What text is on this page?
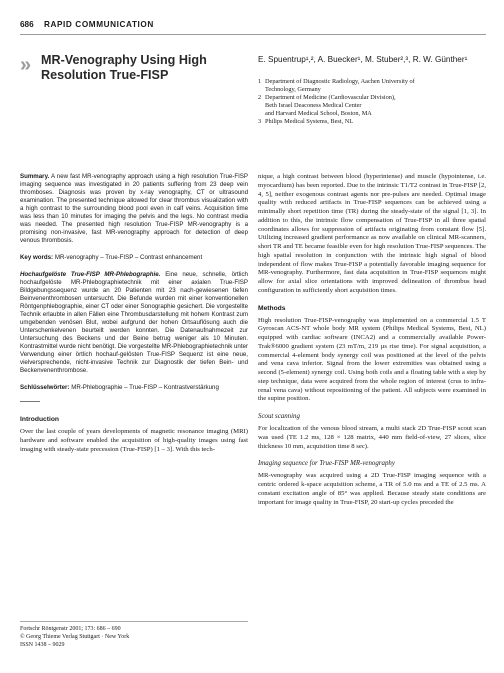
686 RAPID COMMUNICATION
» MR-Venography Using High Resolution True-FISP
E. Spuentrup¹,², A. Buecker¹, M. Stuber²,³, R. W. Günther¹
1 Department of Diagnostic Radiology, Aachen University of
Technology, Germany
2 Department of Medicine (Cardiovascular Division),
Beth Israel Deaconess Medical Center
and Harvard Medical School, Boston, MA
3 Philips Medical Systems, Best, NL

Summary. A new fast MR-venography approach using a high resolution True-FISP imaging sequence was investigated in 20 patients suffering from 23 deep vein thromboses. Diagnosis was proven by x-ray venography, CT or ultrasound examination. The presented technique allowed for clear thrombus visualization with a high contrast to the surrounding blood pool even in calf veins. Acquisition time was less than 10 minutes for imaging the pelvis and the legs. No contrast media was needed. The presented high resolution True-FISP MR-venography is a promising non-invasive, fast MR-venography approach for detection of deep venous thrombosis.

Key words: MR-venography – True-FISP – Contrast enhancement

Hochaufgelöste True-FISP MR-Phlebographie. Eine neue, schnelle, örtlich hochaufgelöste MR-Phlebographietechnik mit einer axialen True-FISP Bildgebungssequenz wurde an 20 Patienten mit 23 nach-gewiesenen tiefen Beinvenenthrombosen untersucht. Die Befunde wurden mit einer konventionellen Röntgenphlebographie, einer CT oder einer Sonographie gesichert. Die vorgestellte Technik erlaubte in allen Fällen eine Thrombusdarstellung mit hohem Kontrast zum umgebenden venösen Blut, wobei aufgrund der hohen Ortsauflösung auch die Unterschenkelvenen beurteilt werden konnten. Die Datenaufnahmezeit zur Untersuchung des Beckens und der Beine betrug weniger als 10 Minuten. Kontrastmittel wurde nicht benötigt. Die vorgestellte MR-Phlebographietechnik unter Verwendung einer örtlich hochauf-gelösten True-FISP Sequenz ist eine neue, vielversprechende, nicht-invasive Technik zur Diagnostik der tiefen Bein- und Beckenvenenthrombose.

Schlüsselwörter: MR-Phlebographie – True-FISP – Kontrastverstärkung

Introduction

Over the last couple of years developments of magnetic resonance imaging (MRI) hardware and software enabled the acquisition of high-quality images using fast imaging with steady-state precession (True-FISP) [1 – 3]. With this tech-

Fortschr Röntgenstr 2001; 173: 686 – 690
© Georg Thieme Verlag Stuttgart · New York
ISSN 1438 – 9029

nique, a high contrast between blood (hyperintense) and muscle (hypointense, i.e. myocardium) has been reported. Due to the intrinsic T1/T2 contrast in True-FISP [2, 4, 5], neither exogenous contrast agents nor pre-pulses are needed. Optimal image quality with reduced artifacts in True-FISP sequences can be achieved using a minimally short repetition time (TR) during the steady-state of the signal [1, 3]. In addition to this, the intrinsic flow compensation of True-FISP in all three spatial coordinates allows for suppression of artifacts originating from constant flow [5]. Utilizing increased gradient performance as now available on clinical MR-scanners, short TR and TE became feasible even for high resolution True-FISP sequences. The high spatial resolution in conjunction with the intrinsic high signal of blood independent of flow makes True-FISP a potentially favorable imaging sequence for MR-venography. Furthermore, fast data acquisition in True-FISP sequences might allow for axial slice orientations with improved delineation of thrombus head configuration in sufficiently short acquisition times.

Methods

High resolution True-FISP-venography was implemented on a commercial 1.5 T Gyroscan ACS-NT whole body MR system (Philips Medical Systems, Best, NL) equipped with cardiac software (INCA2) and a commercially available Power-Trak®6000 gradient system (23 mT/m, 219 µs rise time). For signal acquisition, a commercial 4-element body synergy coil was positioned at the level of the pelvis and vena cava inferior. Signal from the lower extremities was obtained using a second (5-element) synergy coil. Using both coils and a floating table with a step by step technique, data were acquired from the whole region of interest (crus to infra-renal vena cava) without repositioning of the patient. All subjects were examined in the supine position.

Scout scanning

For localization of the venous blood stream, a multi stack 2D True-FISP scout scan was used (TE 1.2 ms, 128 × 128 matrix, 440 mm field-of-view, 27 slices, slice thickness 10 mm, acquisition time 8 sec).

Imaging sequence for True-FISP MR-venography

MR-venography was acquired using a 2D True-FISP imaging sequence with a centric ordered k-space acquisition scheme, a TR of 5.0 ms and a TE of 2.5 ms. A constant excitation angle of 85° was applied. Because steady state conditions are important for image quality in True-FISP, 20 start-up cycles preceded the
